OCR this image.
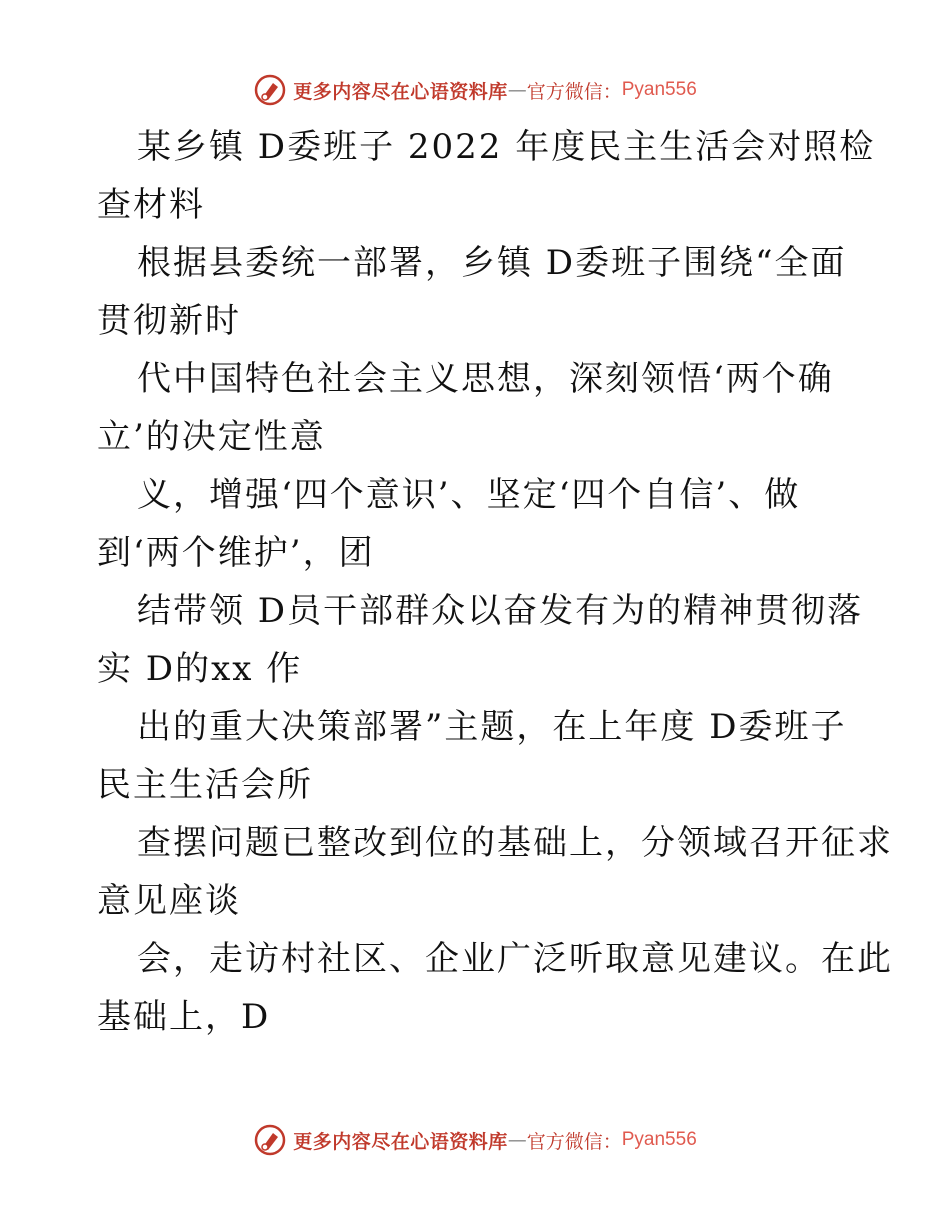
更多内容尽在心语资料库 — 官方微信： Pyan556
某乡镇 D委班子 2022 年度民主生活会对照检
查材料
根据县委统一部署，乡镇 D委班子围绕“全面
贯彻新时
代中国特色社会主义思想，深刻领悟‘两个确
立’的决定性意
义，增强‘四个意识’、坚定‘四个自信’、做
到‘两个维护’，团
结带领 D员干部群众以奋发有为的精神贯彻落
实 D的xx 作
出的重大决策部署”主题，在上年度 D委班子
民主生活会所
查摆问题已整改到位的基础上，分领域召开征求
意见座谈
会，走访村社区、企业广泛听取意见建议。在此
基础上，D
更多内容尽在心语资料库 — 官方微信： Pyan556
